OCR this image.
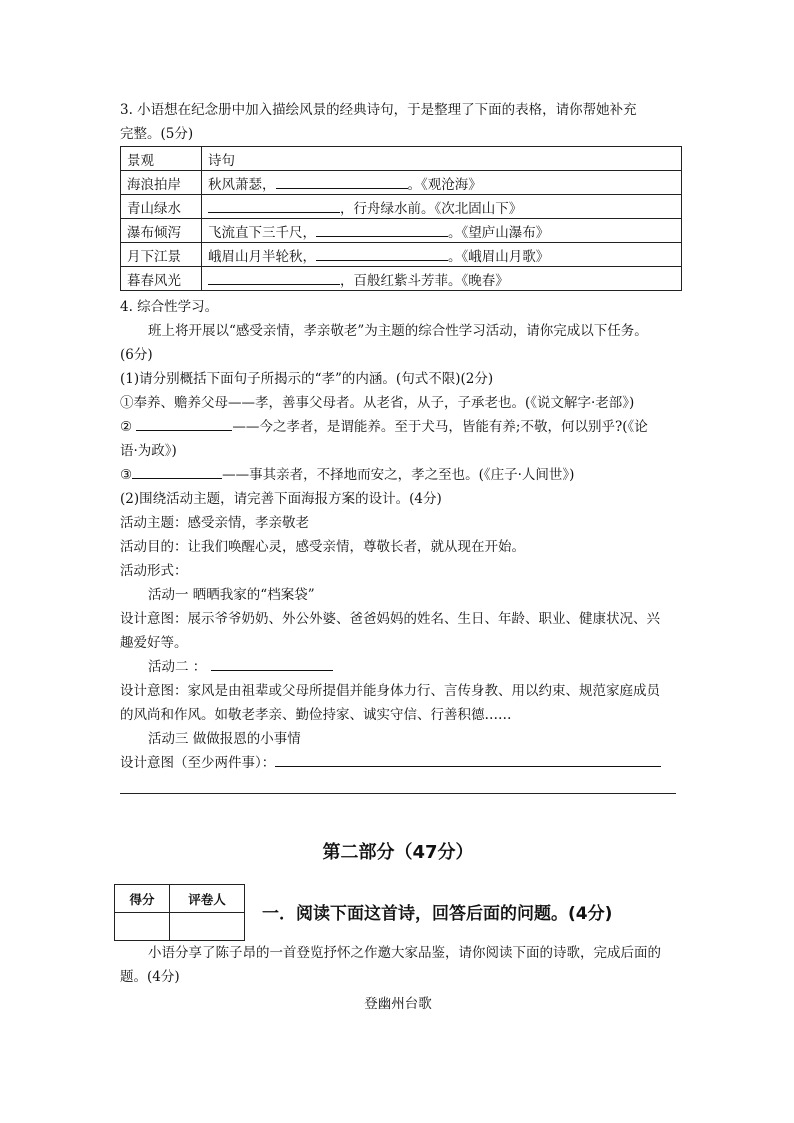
3. 小语想在纪念册中加入描绘风景的经典诗句，于是整理了下面的表格，请你帮她补充
完整。(5分)
景观	诗句
海浪拍岸	秋风萧瑟， 。《观沧海》
青山绿水	，行舟绿水前。《次北固山下》
瀑布倾泻	飞流直下三千尺， 。《望庐山瀑布》
月下江景	峨眉山月半轮秋， 。《峨眉山月歌》
暮春风光	，百般红紫斗芳菲。《晚春》
4. 综合性学习。
班上将开展以“感受亲情，孝亲敬老”为主题的综合性学习活动，请你完成以下任务。
(6分)
(1)请分别概括下面句子所揭示的“孝”的内涵。(句式不限)(2分)
①奉养、赡养父母——孝，善事父母者。从老省，从子，子承老也。(《说文解字·老部》)
②	——今之孝者，是谓能养。至于犬马，皆能有养;不敬，何以别乎?(《论
语·为政》)
③	——事其亲者，不择地而安之，孝之至也。(《庄子·人间世》)
(2)围绕活动主题，请完善下面海报方案的设计。(4分)
活动主题：感受亲情，孝亲敬老
活动目的：让我们唤醒心灵，感受亲情，尊敬长者，就从现在开始。
活动形式：
活动一 晒晒我家的“档案袋”
设计意图：展示爷爷奶奶、外公外婆、爸爸妈妈的姓名、生日、年龄、职业、健康状况、兴
趣爱好等。
活动二 ：
设计意图：家风是由祖辈或父母所提倡并能身体力行、言传身教、用以约束、规范家庭成员
的风尚和作风。如敬老孝亲、勤俭持家、诚实守信、行善积德……
活动三 做做报恩的小事情
设计意图（至少两件事）：
第二部分（47分）
得分	评卷人

一．阅读下面这首诗，回答后面的问题。(4分)
小语分享了陈子昂的一首登览抒怀之作邀大家品鉴，请你阅读下面的诗歌，完成后面的
题。(4分)
登幽州台歌
